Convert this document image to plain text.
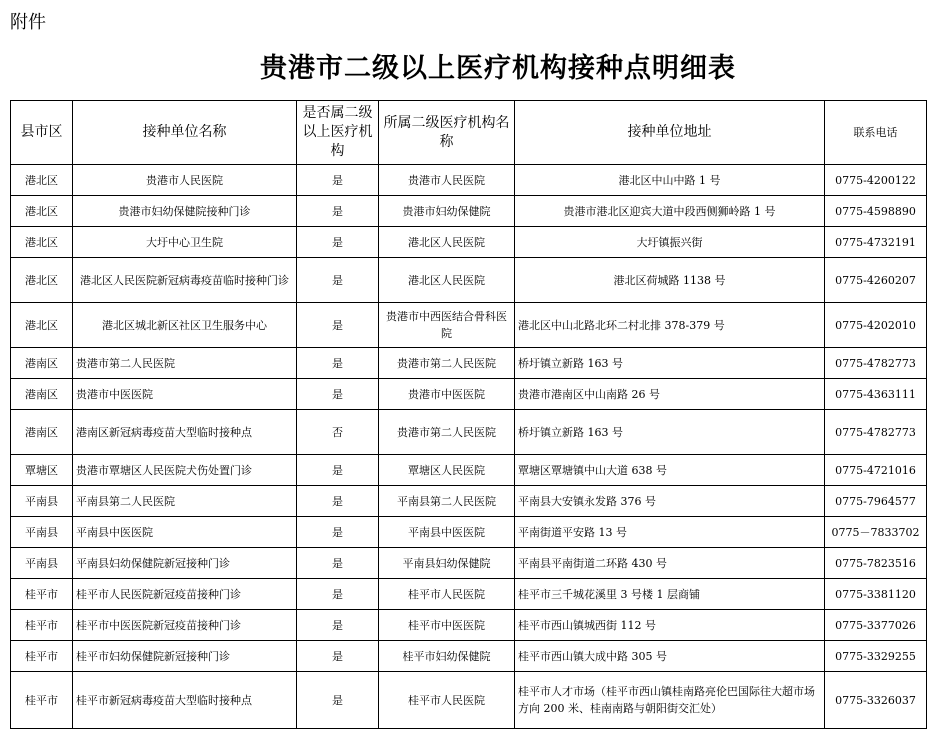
附件
贵港市二级以上医疗机构接种点明细表
县市区	接种单位名称	是否属二级以上医疗机构	所属二级医疗机构名称	接种单位地址	联系电话
港北区	贵港市人民医院	是	贵港市人民医院	港北区中山中路 1 号	0775-4200122
港北区	贵港市妇幼保健院接种门诊	是	贵港市妇幼保健院	贵港市港北区迎宾大道中段西侧狮岭路 1 号	0775-4598890
港北区	大圩中心卫生院	是	港北区人民医院	大圩镇振兴街	0775-4732191
港北区	港北区人民医院新冠病毒疫苗临时接种门诊	是	港北区人民医院	港北区荷城路 1138 号	0775-4260207
港北区	港北区城北新区社区卫生服务中心	是	贵港市中西医结合骨科医院	港北区中山北路北环二村北排 378-379 号	0775-4202010
港南区	贵港市第二人民医院	是	贵港市第二人民医院	桥圩镇立新路 163 号	0775-4782773
港南区	贵港市中医医院	是	贵港市中医医院	贵港市港南区中山南路 26 号	0775-4363111
港南区	港南区新冠病毒疫苗大型临时接种点	否	贵港市第二人民医院	桥圩镇立新路 163 号	0775-4782773
覃塘区	贵港市覃塘区人民医院犬伤处置门诊	是	覃塘区人民医院	覃塘区覃塘镇中山大道 638 号	0775-4721016
平南县	平南县第二人民医院	是	平南县第二人民医院	平南县大安镇永发路 376 号	0775-7964577
平南县	平南县中医医院	是	平南县中医医院	平南街道平安路 13 号	0775－7833702
平南县	平南县妇幼保健院新冠接种门诊	是	平南县妇幼保健院	平南县平南街道二环路 430 号	0775-7823516
桂平市	桂平市人民医院新冠疫苗接种门诊	是	桂平市人民医院	桂平市三千城花溪里 3 号楼 1 层商铺	0775-3381120
桂平市	桂平市中医医院新冠疫苗接种门诊	是	桂平市中医医院	桂平市西山镇城西街 112 号	0775-3377026
桂平市	桂平市妇幼保健院新冠接种门诊	是	桂平市妇幼保健院	桂平市西山镇大成中路 305 号	0775-3329255
桂平市	桂平市新冠病毒疫苗大型临时接种点	是	桂平市人民医院	桂平市人才市场（桂平市西山镇桂南路亮伦巴国际往大超市场方向 200 米、桂南南路与朝阳街交汇处）	0775-3326037
